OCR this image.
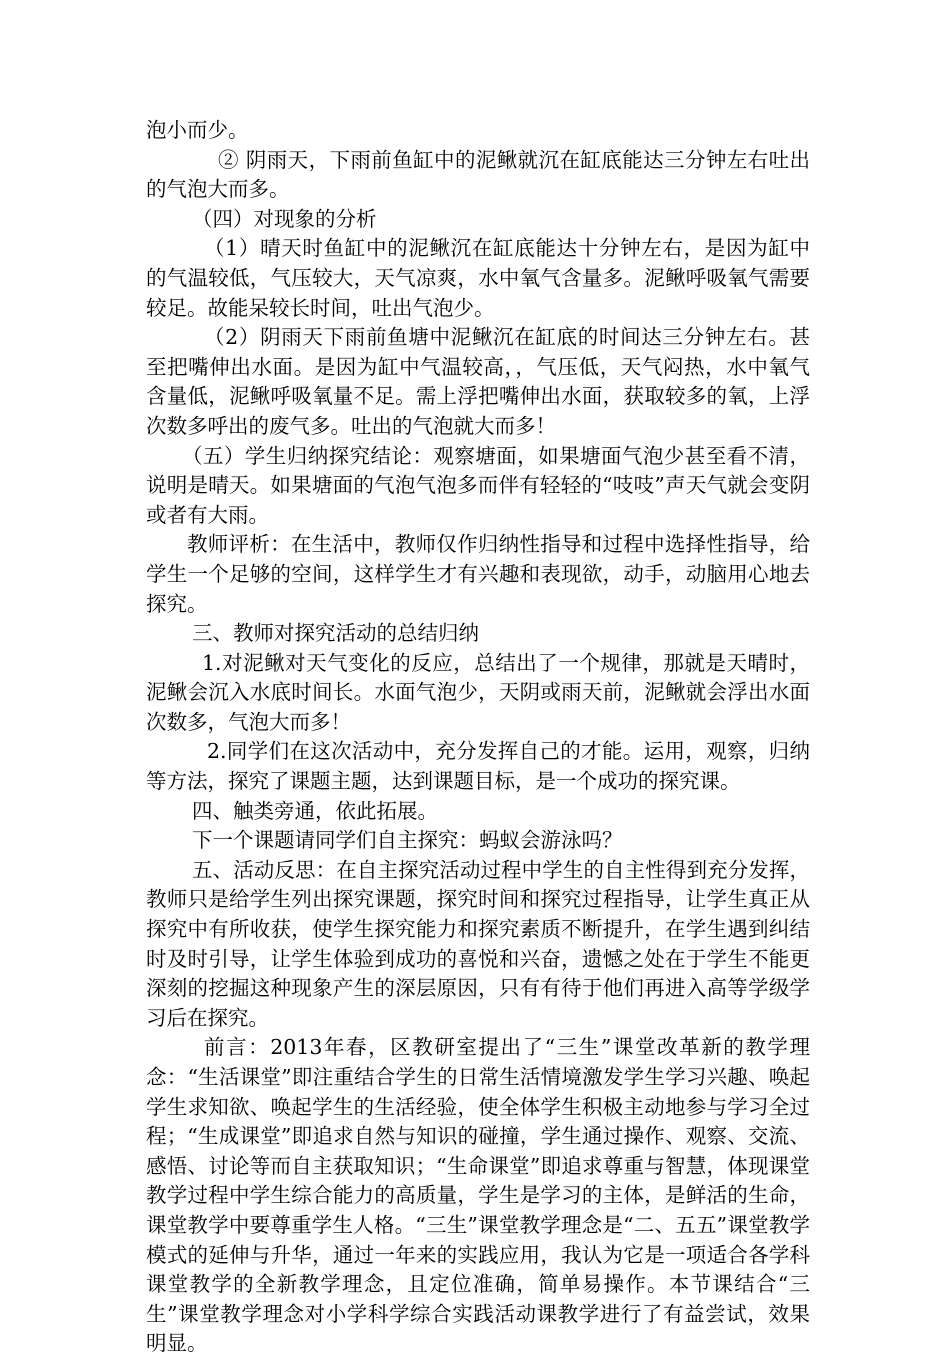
泡小而少。

② 阴雨天，下雨前鱼缸中的泥鳅就沉在缸底能达三分钟左右吐出的气泡大而多。

（四）对现象的分析

（1）晴天时鱼缸中的泥鳅沉在缸底能达十分钟左右，是因为缸中的气温较低，气压较大，天气凉爽，水中氧气含量多。泥鳅呼吸氧气需要较足。故能呆较长时间，吐出气泡少。

（2）阴雨天下雨前鱼塘中泥鳅沉在缸底的时间达三分钟左右。甚至把嘴伸出水面。是因为缸中气温较高，，气压低，天气闷热，水中氧气含量低，泥鳅呼吸氧量不足。需上浮把嘴伸出水面，获取较多的氧，上浮次数多呼出的废气多。吐出的气泡就大而多！

（五）学生归纳探究结论：观察塘面，如果塘面气泡少甚至看不清，说明是晴天。如果塘面的气泡气泡多而伴有轻轻的“吱吱”声天气就会变阴或者有大雨。

教师评析：在生活中，教师仅作归纳性指导和过程中选择性指导，给学生一个足够的空间，这样学生才有兴趣和表现欲，动手，动脑用心地去探究。

三、教师对探究活动的总结归纳

1.对泥鳅对天气变化的反应，总结出了一个规律，那就是天晴时，泥鳅会沉入水底时间长。水面气泡少，天阴或雨天前，泥鳅就会浮出水面次数多，气泡大而多！

2.同学们在这次活动中，充分发挥自己的才能。运用，观察，归纳等方法，探究了课题主题，达到课题目标，是一个成功的探究课。

四、触类旁通，依此拓展。

下一个课题请同学们自主探究：蚂蚁会游泳吗？

五、活动反思：在自主探究活动过程中学生的自主性得到充分发挥，教师只是给学生列出探究课题，探究时间和探究过程指导，让学生真正从探究中有所收获，使学生探究能力和探究素质不断提升，在学生遇到纠结时及时引导，让学生体验到成功的喜悦和兴奋，遗憾之处在于学生不能更深刻的挖掘这种现象产生的深层原因，只有有待于他们再进入高等学级学习后在探究。

前言：2013年春，区教研室提出了“三生”课堂改革新的教学理念：“生活课堂”即注重结合学生的日常生活情境激发学生学习兴趣、唤起学生求知欲、唤起学生的生活经验，使全体学生积极主动地参与学习全过程；“生成课堂”即追求自然与知识的碰撞，学生通过操作、观察、交流、感悟、讨论等而自主获取知识；“生命课堂”即追求尊重与智慧，体现课堂教学过程中学生综合能力的高质量，学生是学习的主体，是鲜活的生命，课堂教学中要尊重学生人格。“三生”课堂教学理念是“二、五五”课堂教学模式的延伸与升华，通过一年来的实践应用，我认为它是一项适合各学科课堂教学的全新教学理念，且定位准确，简单易操作。本节课结合“三生”课堂教学理念对小学科学综合实践活动课教学进行了有益尝试，效果明显。
